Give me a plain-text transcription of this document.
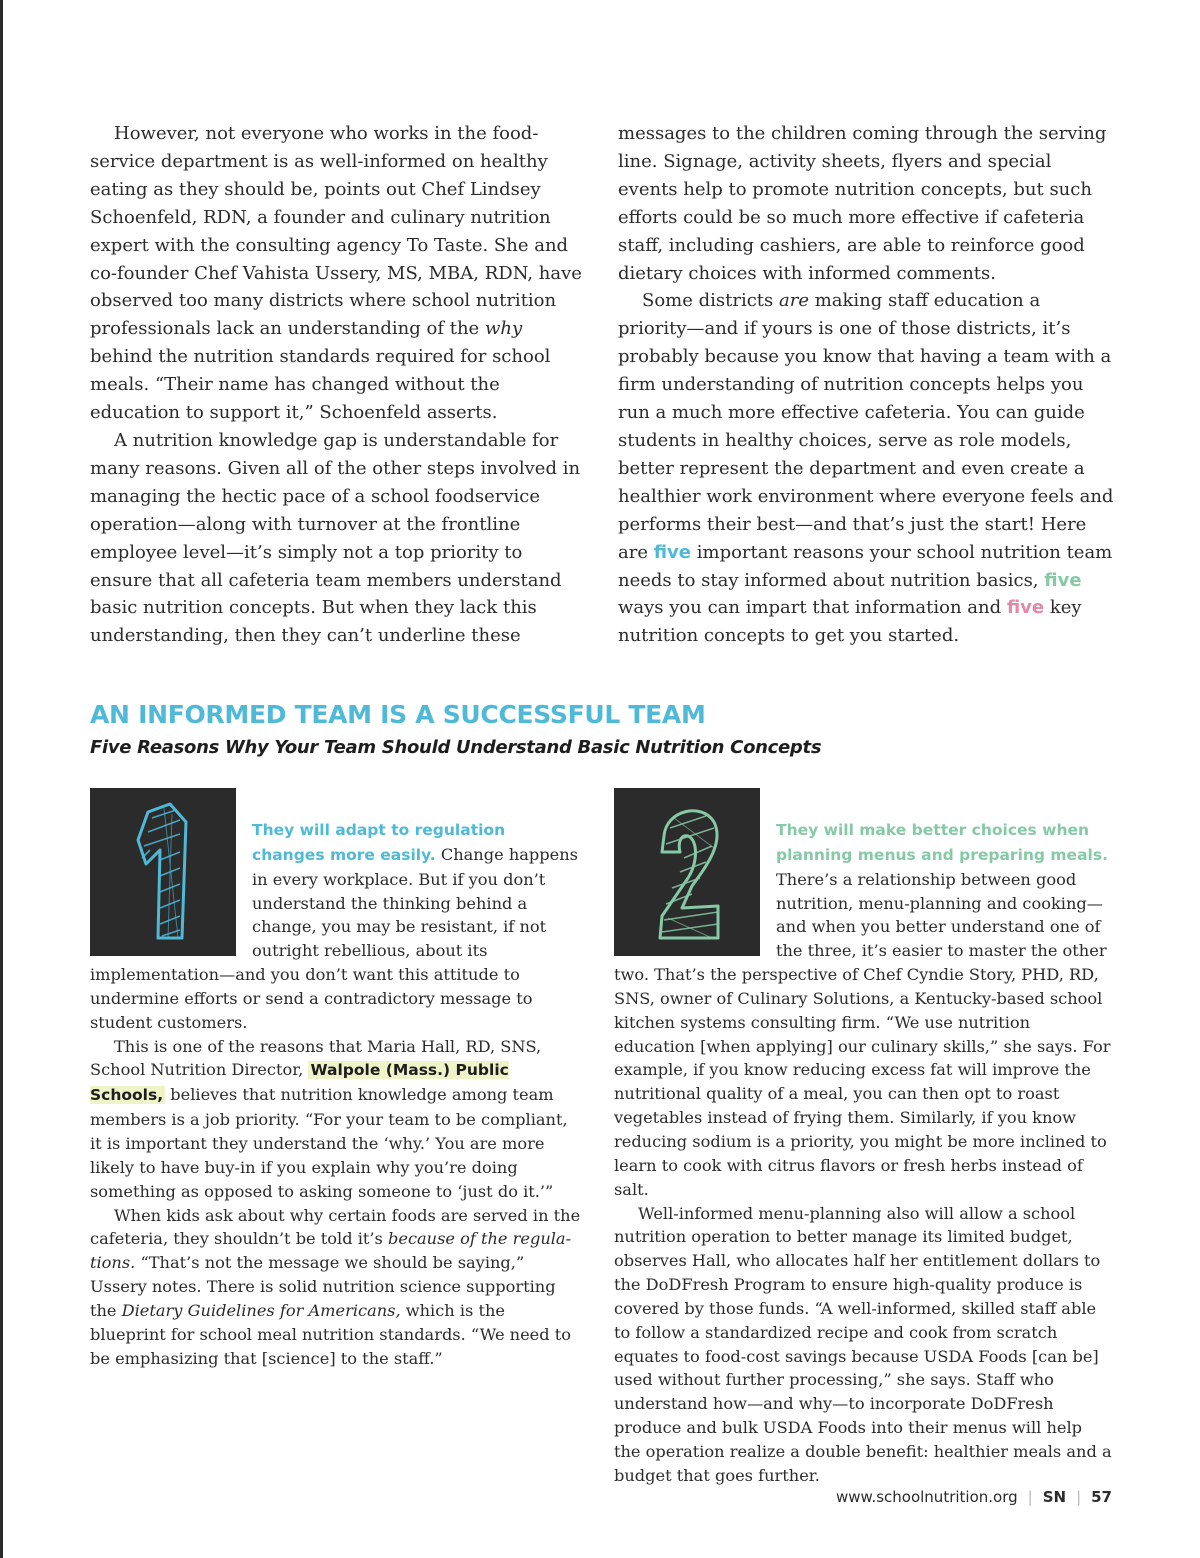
However, not everyone who works in the foodservice department is as well-informed on healthy eating as they should be, points out Chef Lindsey Schoenfeld, RDN, a founder and culinary nutrition expert with the consulting agency To Taste. She and co-founder Chef Vahista Ussery, MS, MBA, RDN, have observed too many districts where school nutrition professionals lack an understanding of the why behind the nutrition standards required for school meals. “Their name has changed without the education to support it,” Schoenfeld asserts.

A nutrition knowledge gap is understandable for many reasons. Given all of the other steps involved in managing the hectic pace of a school foodservice operation—along with turnover at the frontline employee level—it’s simply not a top priority to ensure that all cafeteria team members understand basic nutrition concepts. But when they lack this understanding, then they can’t underline these

messages to the children coming through the serving line. Signage, activity sheets, flyers and special events help to promote nutrition concepts, but such efforts could be so much more effective if cafeteria staff, including cashiers, are able to reinforce good dietary choices with informed comments.

Some districts are making staff education a priority—and if yours is one of those districts, it’s probably because you know that having a team with a firm understanding of nutrition concepts helps you run a much more effective cafeteria. You can guide students in healthy choices, serve as role models, better represent the department and even create a healthier work environment where everyone feels and performs their best—and that’s just the start! Here are five important reasons your school nutrition team needs to stay informed about nutrition basics, five ways you can impart that information and five key nutrition concepts to get you started.

AN INFORMED TEAM IS A SUCCESSFUL TEAM
Five Reasons Why Your Team Should Understand Basic Nutrition Concepts
1

They will adapt to regulation changes more easily. Change happens in every workplace. But if you don’t understand the thinking behind a change, you may be resistant, if not outright rebellious, about its implementation—and you don’t want this attitude to undermine efforts or send a contradictory message to student customers.

This is one of the reasons that Maria Hall, RD, SNS, School Nutrition Director, Walpole (Mass.) Public Schools, believes that nutrition knowledge among team members is a job priority. “For your team to be compliant, it is important they understand the ‘why.’ You are more likely to have buy-in if you explain why you’re doing something as opposed to asking someone to ‘just do it.’”

When kids ask about why certain foods are served in the cafeteria, they shouldn’t be told it’s because of the regulations. “That’s not the message we should be saying,” Ussery notes. There is solid nutrition science supporting the Dietary Guidelines for Americans, which is the blueprint for school meal nutrition standards. “We need to be emphasizing that [science] to the staff.”

2

They will make better choices when planning menus and preparing meals. There’s a relationship between good nutrition, menu-planning and cooking—and when you better understand one of the three, it’s easier to master the other two. That’s the perspective of Chef Cyndie Story, PHD, RD, SNS, owner of Culinary Solutions, a Kentucky-based school kitchen systems consulting firm. “We use nutrition education [when applying] our culinary skills,” she says. For example, if you know reducing excess fat will improve the nutritional quality of a meal, you can then opt to roast vegetables instead of frying them. Similarly, if you know reducing sodium is a priority, you might be more inclined to learn to cook with citrus flavors or fresh herbs instead of salt.

Well-informed menu-planning also will allow a school nutrition operation to better manage its limited budget, observes Hall, who allocates half her entitlement dollars to the DoDFresh Program to ensure high-quality produce is covered by those funds. “A well-informed, skilled staff able to follow a standardized recipe and cook from scratch equates to food-cost savings because USDA Foods [can be] used without further processing,” she says. Staff who understand how—and why—to incorporate DoDFresh produce and bulk USDA Foods into their menus will help the operation realize a double benefit: healthier meals and a budget that goes further.

www.schoolnutrition.org | SN | 57
